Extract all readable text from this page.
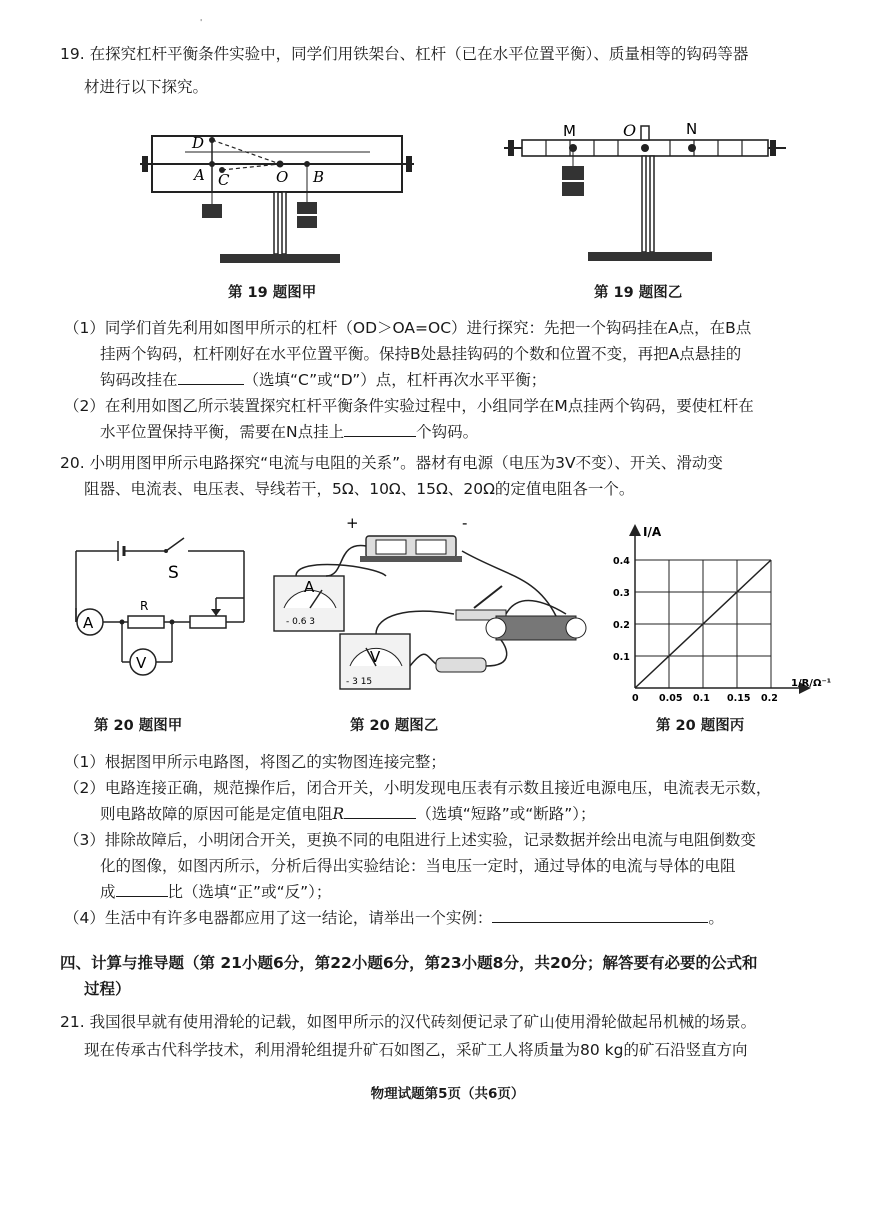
'
19. 在探究杠杆平衡条件实验中，同学们用铁架台、杠杆（已在水平位置平衡）、质量相等的钩码等器
材进行以下探究。
D
A C	O B
M	O	N
第 19 题图甲	第 19 题图乙
（1）同学们首先利用如图甲所示的杠杆（OD＞OA=OC）进行探究：先把一个钩码挂在A点，在B点
挂两个钩码，杠杆刚好在水平位置平衡。保持B处悬挂钩码的个数和位置不变，再把A点悬挂的
钩码改挂在	（选填“C”或“D”）点，杠杆再次水平平衡；
（2）在利用如图乙所示装置探究杠杆平衡条件实验过程中，小组同学在M点挂两个钩码，要使杠杆在
水平位置保持平衡，需要在N点挂上	个钩码。
20. 小明用图甲所示电路探究“电流与电阻的关系”。器材有电源（电压为3V不变）、开关、滑动变
阻器、电流表、电压表、导线若干，5Ω、10Ω、15Ω、20Ω的定值电阻各一个。
S
A
R
V
+	-
A
- 0.6 3
V
- 3 15
0 0.05 0.1 0.15 0.2
0.1
0.2
0.3
0.4
I/A
1/R/Ω⁻¹
第 20 题图甲	第 20 题图乙	第 20 题图丙
（1）根据图甲所示电路图，将图乙的实物图连接完整；
（2）电路连接正确，规范操作后，闭合开关，小明发现电压表有示数且接近电源电压，电流表无示数，
则电路故障的原因可能是定值电阻R	（选填“短路”或“断路”）；
（3）排除故障后，小明闭合开关，更换不同的电阻进行上述实验，记录数据并绘出电流与电阻倒数变
化的图像，如图丙所示，分析后得出实验结论：当电压一定时，通过导体的电流与导体的电阻
成	比（选填“正”或“反”）；
（4）生活中有许多电器都应用了这一结论，请举出一个实例：	。
四、计算与推导题（第 21小题6分，第22小题6分，第23小题8分，共20分；解答要有必要的公式和
过程）
21. 我国很早就有使用滑轮的记载，如图甲所示的汉代砖刻便记录了矿山使用滑轮做起吊机械的场景。
现在传承古代科学技术，利用滑轮组提升矿石如图乙，采矿工人将质量为80 kg的矿石沿竖直方向
物理试题第5页（共6页）
